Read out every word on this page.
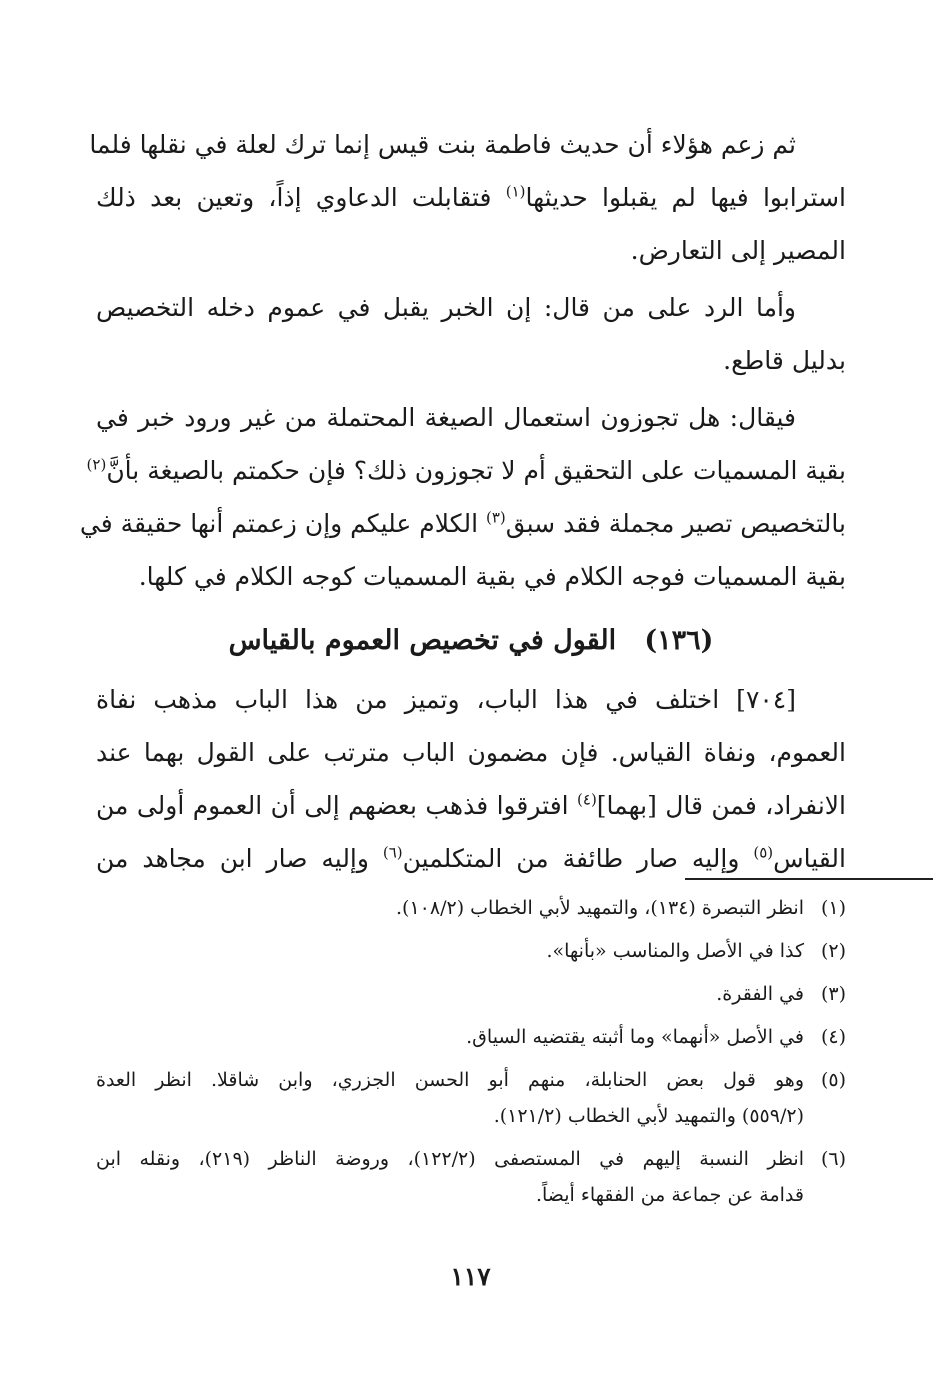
  ثم زعم هؤلاء أن حديث فاطمة بنت قيس إنما ترك لعلة في نقلها فلما
استرابوا فيها لم يقبلوا حديثها$^{(١)}$ فتقابلت الدعاوي إذاً، وتعين بعد ذلك
المصير إلى التعارض.

  وأما الرد على من قال: إن الخبر يقبل في عموم دخله التخصيص
بدليل قاطع.

  فيقال: هل تجوزون استعمال الصيغة المحتملة من غير ورود خبر في
بقية المسميات على التحقيق أم لا تجوزون ذلك؟ فإن حكمتم بالصيغة بأنَّ$^{(٢)}$
بالتخصيص تصير مجملة فقد سبق$^{(٣)}$ الكلام عليكم وإن زعمتم أنها حقيقة في
بقية المسميات فوجه الكلام في بقية المسميات كوجه الكلام في كلها.

(١٣٦)   القول في تخصيص العموم بالقياس

  [٧٠٤] اختلف في هذا الباب، وتميز من هذا الباب مذهب نفاة
العموم، ونفاة القياس. فإن مضمون الباب مترتب على القول بهما عند
الانفراد، فمن قال [بهما]$^{(٤)}$ افترقوا فذهب بعضهم إلى أن العموم أولى من
القياس$^{(٥)}$ وإليه صار طائفة من المتكلمين$^{(٦)}$ وإليه صار ابن مجاهد من

(١)
انظر التبصرة (١٣٤)، والتمهيد لأبي الخطاب (١٠٨/٢).
(٢)
كذا في الأصل والمناسب «بأنها».
(٣)
في الفقرة.
(٤)
في الأصل «أنهما» وما أثبته يقتضيه السياق.
(٥)
وهو قول بعض الحنابلة، منهم أبو الحسن الجزري، وابن شاقلا. انظر العدة
(٥٥٩/٢) والتمهيد لأبي الخطاب (١٢١/٢).
(٦)
انظر النسبة إليهم في المستصفى (١٢٢/٢)، وروضة الناظر (٢١٩)، ونقله ابن
قدامة عن جماعة من الفقهاء أيضاً.
١١٧
